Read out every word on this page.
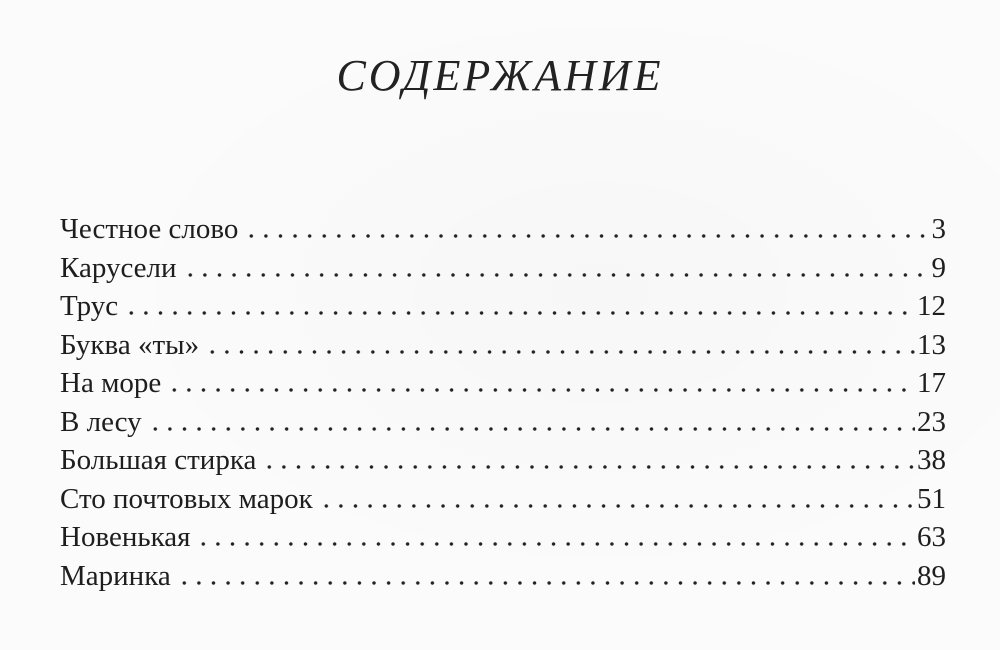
СОДЕРЖАНИЕ
Честное слово	3
Карусели	9
Трус	12
Буква «ты»	13
На море	17
В лесу	23
Большая стирка	38
Сто почтовых марок	51
Новенькая	63
Маринка	89
